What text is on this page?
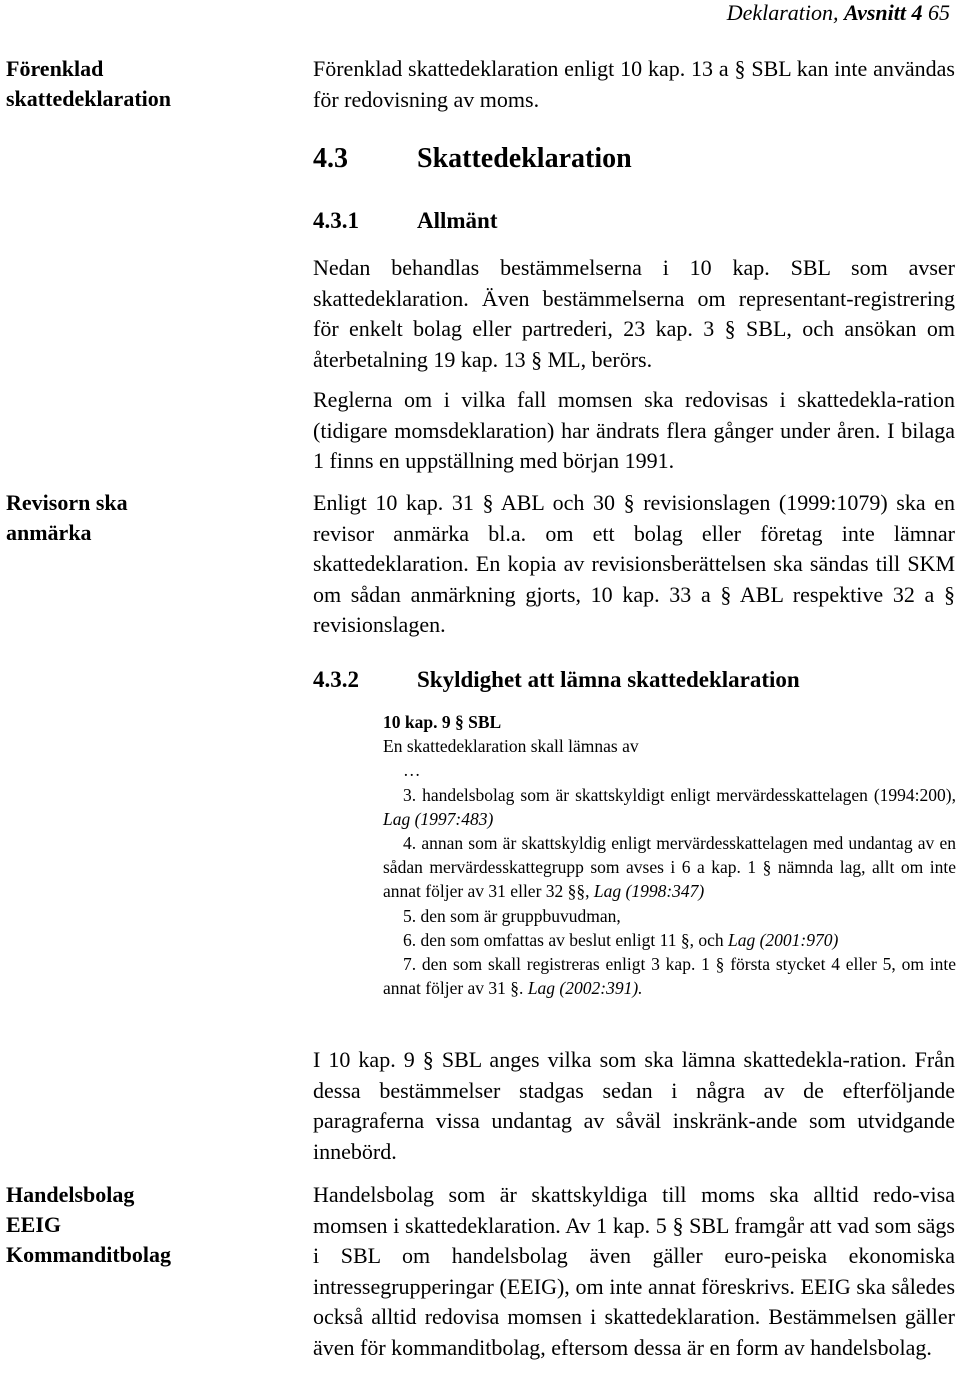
Deklaration, Avsnitt 4 65
Förenklad
skattedeklaration

Förenklad skattedeklaration enligt 10 kap. 13 a § SBL kan inte användas för redovisning av moms.

4.3 Skattedeklaration
4.3.1	Allmänt

Nedan behandlas bestämmelserna i 10 kap. SBL som avser skattedeklaration. Även bestämmelserna om representant-registrering för enkelt bolag eller partrederi, 23 kap. 3 § SBL, och ansökan om återbetalning 19 kap. 13 § ML, berörs.

Reglerna om i vilka fall momsen ska redovisas i skattedekla-ration (tidigare momsdeklaration) har ändrats flera gånger under åren. I bilaga 1 finns en uppställning med början 1991.

Revisorn ska
anmärka

Enligt 10 kap. 31 § ABL och 30 § revisionslagen (1999:1079) ska en revisor anmärka bl.a. om ett bolag eller företag inte lämnar skattedeklaration. En kopia av revisionsberättelsen ska sändas till SKM om sådan anmärkning gjorts, 10 kap. 33 a § ABL respektive 32 a § revisionslagen.

4.3.2	Skyldighet att lämna skattedeklaration
10 kap. 9 § SBL
En skattedeklaration skall lämnas av
…
3. handelsbolag som är skattskyldigt enligt mervärdesskattelagen (1994:200), Lag (1997:483)
4. annan som är skattskyldig enligt mervärdesskattelagen med undantag av en sådan mervärdesskattegrupp som avses i 6 a kap. 1 § nämnda lag, allt om inte annat följer av 31 eller 32 §§, Lag (1998:347)
5. den som är gruppbuvudman,
6. den som omfattas av beslut enligt 11 §, och Lag (2001:970)
7. den som skall registreras enligt 3 kap. 1 § första stycket 4 eller 5, om inte annat följer av 31 §. Lag (2002:391).

I 10 kap. 9 § SBL anges vilka som ska lämna skattedekla-ration. Från dessa bestämmelser stadgas sedan i några av de efterföljande paragraferna vissa undantag av såväl inskränk-ande som utvidgande innebörd.

Handelsbolag
EEIG
Kommanditbolag

Handelsbolag som är skattskyldiga till moms ska alltid redo-visa momsen i skattedeklaration. Av 1 kap. 5 § SBL framgår att vad som sägs i SBL om handelsbolag även gäller euro-peiska ekonomiska intressegrupperingar (EEIG), om inte annat föreskrivs. EEIG ska således också alltid redovisa momsen i skattedeklaration. Bestämmelsen gäller även för kommanditbolag, eftersom dessa är en form av handelsbolag.
